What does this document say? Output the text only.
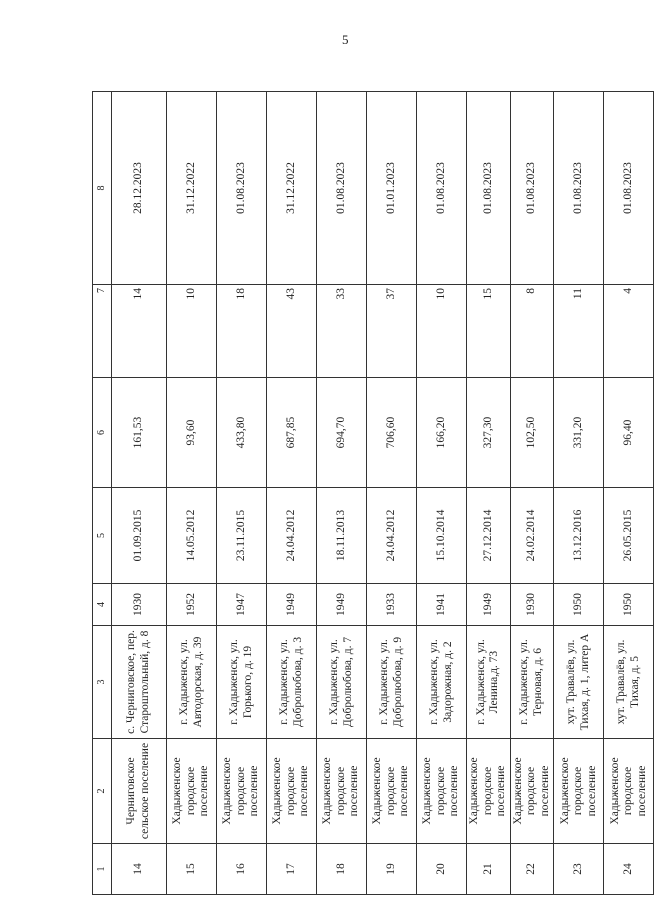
5
1	2	3	4	5	6	7	8
14	Черниговское сельское поселение	с. Черниговское, пер. Староштольный, д. 8	1930	01.09.2015	161,53	14	28.12.2023
15	Хадыженское городское поселение	г. Хадыженск, ул. Автодорская, д. 39	1952	14.05.2012	93,60	10	31.12.2022
16	Хадыженское городское поселение	г. Хадыженск, ул. Горького, д. 19	1947	23.11.2015	433,80	18	01.08.2023
17	Хадыженское городское поселение	г. Хадыженск, ул. Добролюбова, д. 3	1949	24.04.2012	687,85	43	31.12.2022
18	Хадыженское городское поселение	г. Хадыженск, ул. Добролюбова, д. 7	1949	18.11.2013	694,70	33	01.08.2023
19	Хадыженское городское поселение	г. Хадыженск, ул. Добролюбова, д. 9	1933	24.04.2012	706,60	37	01.01.2023
20	Хадыженское городское поселение	г. Хадыженск, ул. Задорожная, д. 2	1941	15.10.2014	166,20	10	01.08.2023
21	Хадыженское городское поселение	г. Хадыженск, ул. Ленина,д. 73	1949	27.12.2014	327,30	15	01.08.2023
22	Хадыженское городское поселение	г. Хадыженск, ул. Терновая, д. 6	1930	24.02.2014	102,50	8	01.08.2023
23	Хадыженское городское поселение	хут. Травалёв, ул. Тихая, д. 1, литер А	1950	13.12.2016	331,20	11	01.08.2023
24	Хадыженское городское поселение	хут. Травалёв, ул. Тихая, д. 5	1950	26.05.2015	96,40	4	01.08.2023
